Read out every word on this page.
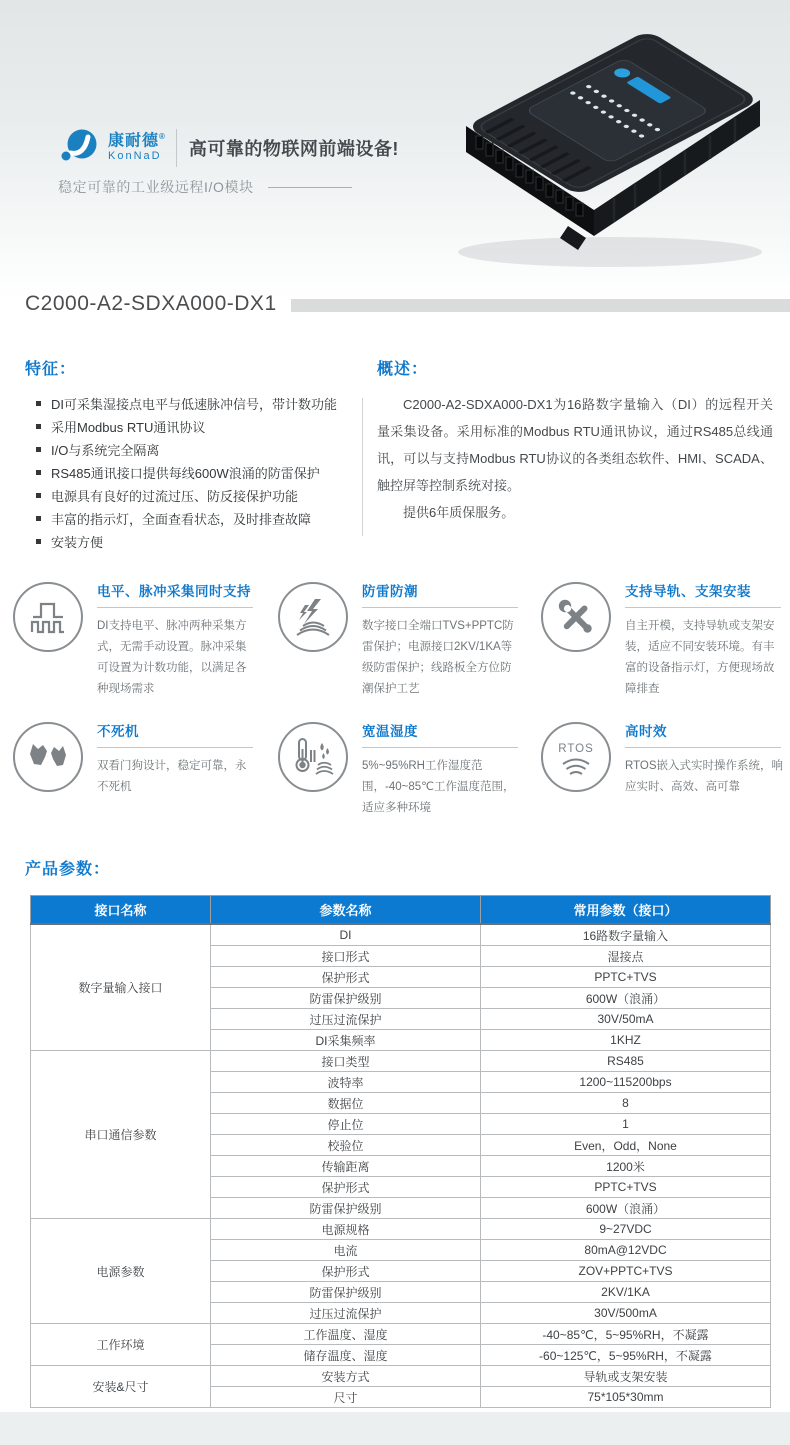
康耐德®
KonNaD 高可靠的物联网前端设备!
稳定可靠的工业级远程I/O模块
C2000-A2-SDXA000-DX1
特征：
DI可采集湿接点电平与低速脉冲信号，带计数功能
采用Modbus RTU通讯协议
I/O与系统完全隔离
RS485通讯接口提供每线600W浪涌的防雷保护
电源具有良好的过流过压、防反接保护功能
丰富的指示灯，全面查看状态，及时排查故障
安装方便
概述：

C2000-A2-SDXA000-DX1为16路数字量输入（DI）的远程开关量采集设备。采用标准的Modbus RTU通讯协议，通过RS485总线通讯，可以与支持Modbus RTU协议的各类组态软件、HMI、SCADA、触控屏等控制系统对接。

提供6年质保服务。

电平、脉冲采集同时支持
DI支持电平、脉冲两种采集方式，无需手动设置。脉冲采集可设置为计数功能，以满足各种现场需求
防雷防潮
数字接口全端口TVS+PPTC防雷保护；电源接口2KV/1KA等级防雷保护；线路板全方位防潮保护工艺
支持导轨、支架安装
自主开模，支持导轨或支架安装，适应不同安装环境。有丰富的设备指示灯，方便现场故障排查
不死机
双看门狗设计，稳定可靠，永不死机
宽温湿度
5%~95%RH工作湿度范围，-40~85℃工作温度范围，适应多种环境
RTOS
高时效
RTOS嵌入式实时操作系统，响应实时、高效、高可靠
产品参数：
接口名称	参数名称	常用参数（接口）
数字量输入接口	DI	16路数字量输入
	接口形式	湿接点
	保护形式	PPTC+TVS
	防雷保护级别	600W（浪涌）
	过压过流保护	30V/50mA
	DI采集频率	1KHZ
串口通信参数	接口类型	RS485
	波特率	1200~115200bps
	数据位	8
	停止位	1
	校验位	Even，Odd，None
	传输距离	1200米
	保护形式	PPTC+TVS
	防雷保护级别	600W（浪涌）
电源参数	电源规格	9~27VDC
	电流	80mA@12VDC
	保护形式	ZOV+PPTC+TVS
	防雷保护级别	2KV/1KA
	过压过流保护	30V/500mA
工作环境	工作温度、湿度	-40~85℃，5~95%RH，不凝露
	储存温度、湿度	-60~125℃，5~95%RH，不凝露
安装&尺寸	安装方式	导轨或支架安装
	尺寸	75*105*30mm
